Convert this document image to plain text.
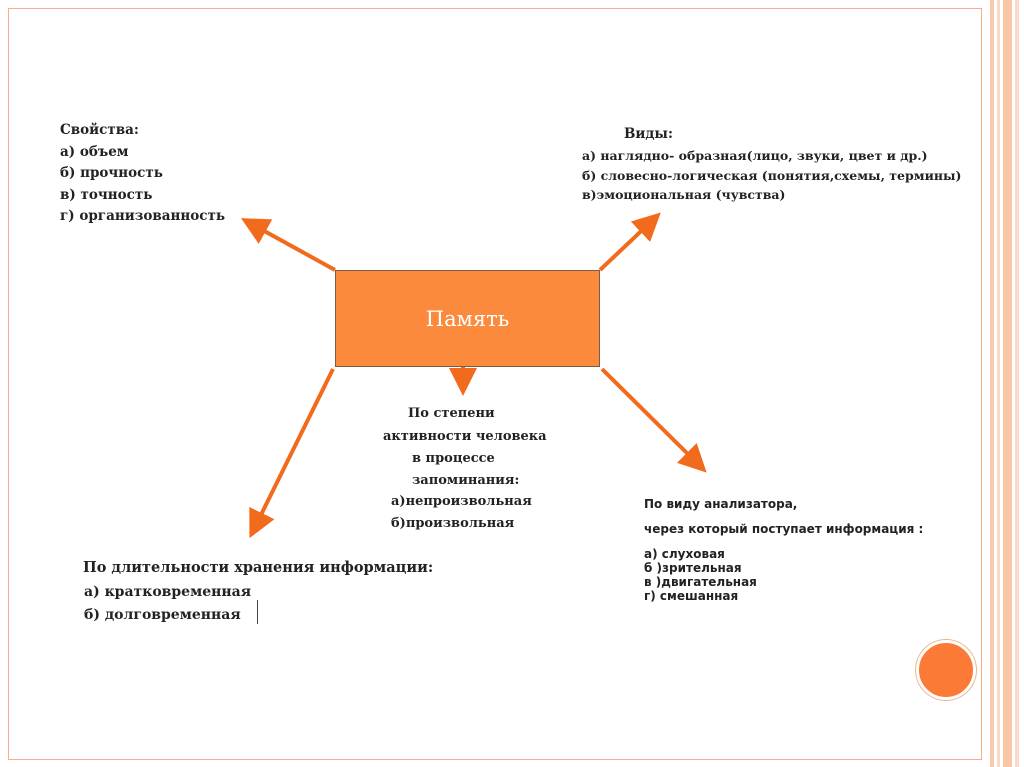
Память
Свойства:
а) объем
б) прочность
в) точность
г) организованность
Виды:
а) наглядно- образная(лицо, звуки, цвет и др.)
б) словесно-логическая (понятия,схемы, термины)
в)эмоциональная (чувства)
По степени
активности человека
в процессе
запоминания:
а)непроизвольная
б)произвольная
По длительности хранения информации:
а) кратковременная
б) долговременная
По виду анализатора,
через который поступает информация :
а) слуховая
б )зрительная
в )двигательная
г) смешанная
